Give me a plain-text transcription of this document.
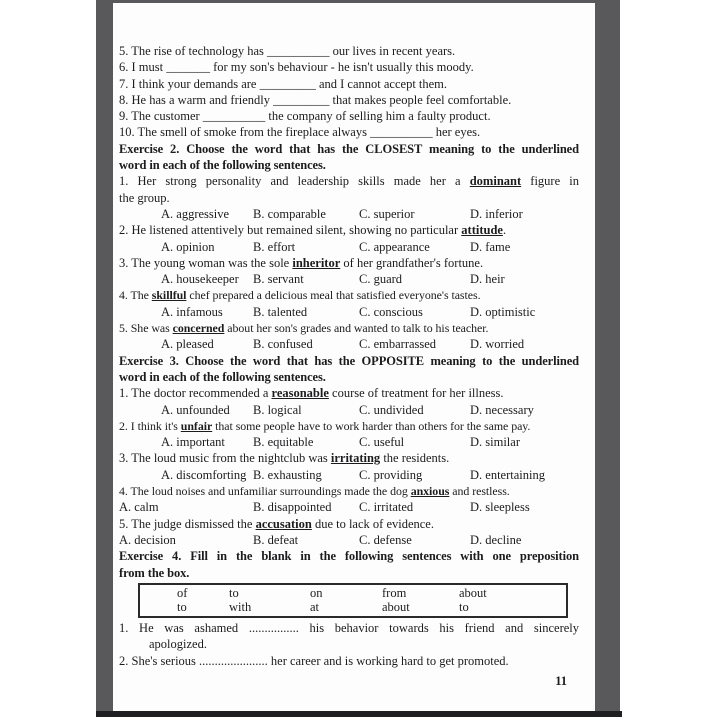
5. The rise of technology has __________ our lives in recent years.

6. I must _______ for my son's behaviour - he isn't usually this moody.

7. I think your demands are _________ and I cannot accept them.

8. He has a warm and friendly _________ that makes people feel comfortable.

9. The customer __________ the company of selling him a faulty product.

10. The smell of smoke from the fireplace always __________ her eyes.

Exercise 2. Choose the word that has the CLOSEST meaning to the underlined

word in each of the following sentences.

1. Her strong personality and leadership skills made her a dominant figure in

the group.

A. aggressive	B. comparable	C. superior	D. inferior

2. He listened attentively but remained silent, showing no particular attitude.

A. opinion	B. effort	C. appearance	D. fame

3. The young woman was the sole inheritor of her grandfather's fortune.

A. housekeeper	B. servant	C. guard	D. heir

4. The skillful chef prepared a delicious meal that satisfied everyone's tastes.

A. infamous	B. talented	C. conscious	D. optimistic

5. She was concerned about her son's grades and wanted to talk to his teacher.

A. pleased	B. confused	C. embarrassed	D. worried

Exercise 3. Choose the word that has the OPPOSITE meaning to the underlined

word in each of the following sentences.

1. The doctor recommended a reasonable course of treatment for her illness.

A. unfounded	B. logical	C. undivided	D. necessary

2. I think it's unfair that some people have to work harder than others for the same pay.

A. important	B. equitable	C. useful	D. similar

3. The loud music from the nightclub was irritating the residents.

A. discomforting B. exhausting	C. providing	D. entertaining

4. The loud noises and unfamiliar surroundings made the dog anxious and restless.

A. calm	B. disappointed	C. irritated	D. sleepless

5. The judge dismissed the accusation due to lack of evidence.

A. decision	B. defeat	C. defense	D. decline

Exercise 4. Fill in the blank in the following sentences with one preposition

from the box.

of	to	on	from	about
to	with	at	about	to

1. He was ashamed ................ his behavior towards his friend and sincerely

apologized.

2. She's serious ...................... her career and is working hard to get promoted.

11
